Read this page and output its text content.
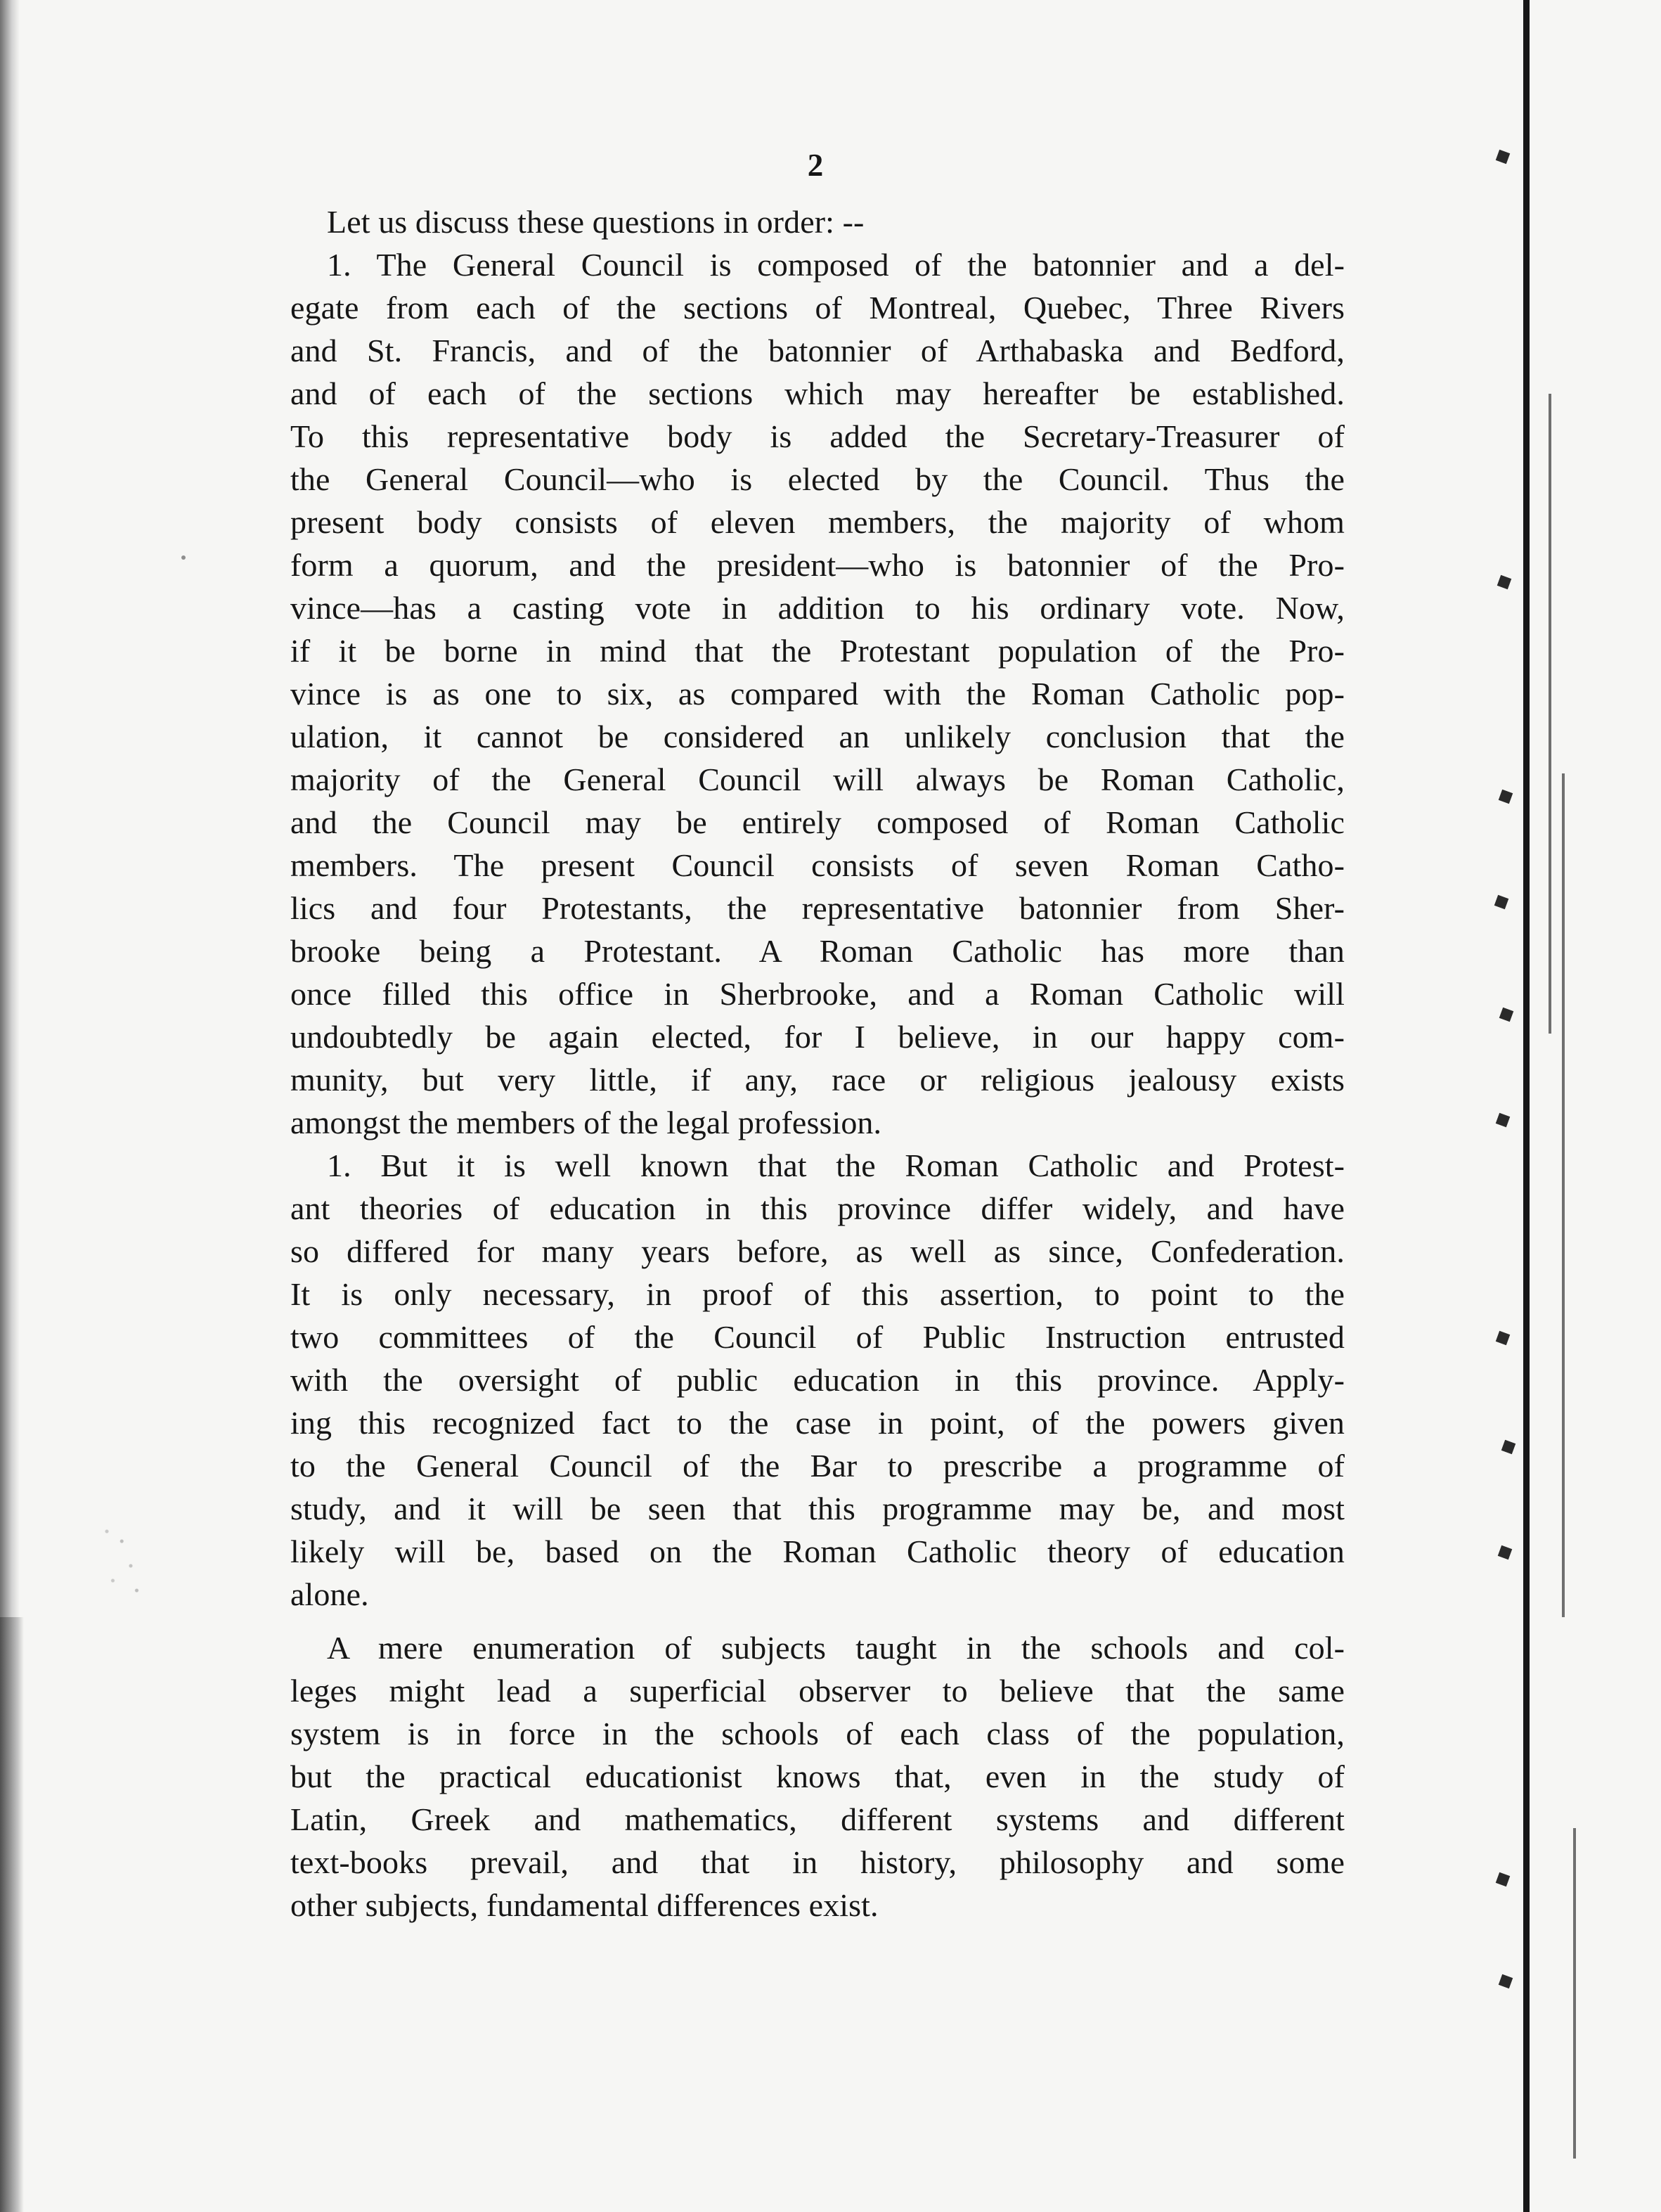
2
Let us discuss these questions in order: --
1. The General Council is composed of the batonnier and a del-
egate from each of the sections of Montreal, Quebec, Three Rivers
and St. Francis, and of the batonnier of Arthabaska and Bedford,
and of each of the sections which may hereafter be established.
To this representative body is added the Secretary-Treasurer of
the General Council—who is elected by the Council. Thus the
present body consists of eleven members, the majority of whom
form a quorum, and the president—who is batonnier of the Pro-
vince—has a casting vote in addition to his ordinary vote. Now,
if it be borne in mind that the Protestant population of the Pro-
vince is as one to six, as compared with the Roman Catholic pop-
ulation, it cannot be considered an unlikely conclusion that the
majority of the General Council will always be Roman Catholic,
and the Council may be entirely composed of Roman Catholic
members. The present Council consists of seven Roman Catho-
lics and four Protestants, the representative batonnier from Sher-
brooke being a Protestant. A Roman Catholic has more than
once filled this office in Sherbrooke, and a Roman Catholic will
undoubtedly be again elected, for I believe, in our happy com-
munity, but very little, if any, race or religious jealousy exists
amongst the members of the legal profession.
1. But it is well known that the Roman Catholic and Protest-
ant theories of education in this province differ widely, and have
so differed for many years before, as well as since, Confederation.
It is only necessary, in proof of this assertion, to point to the
two committees of the Council of Public Instruction entrusted
with the oversight of public education in this province. Apply-
ing this recognized fact to the case in point, of the powers given
to the General Council of the Bar to prescribe a programme of
study, and it will be seen that this programme may be, and most
likely will be, based on the Roman Catholic theory of education
alone.
A mere enumeration of subjects taught in the schools and col-
leges might lead a superficial observer to believe that the same
system is in force in the schools of each class of the population,
but the practical educationist knows that, even in the study of
Latin, Greek and mathematics, different systems and different
text-books prevail, and that in history, philosophy and some
other subjects, fundamental differences exist.
